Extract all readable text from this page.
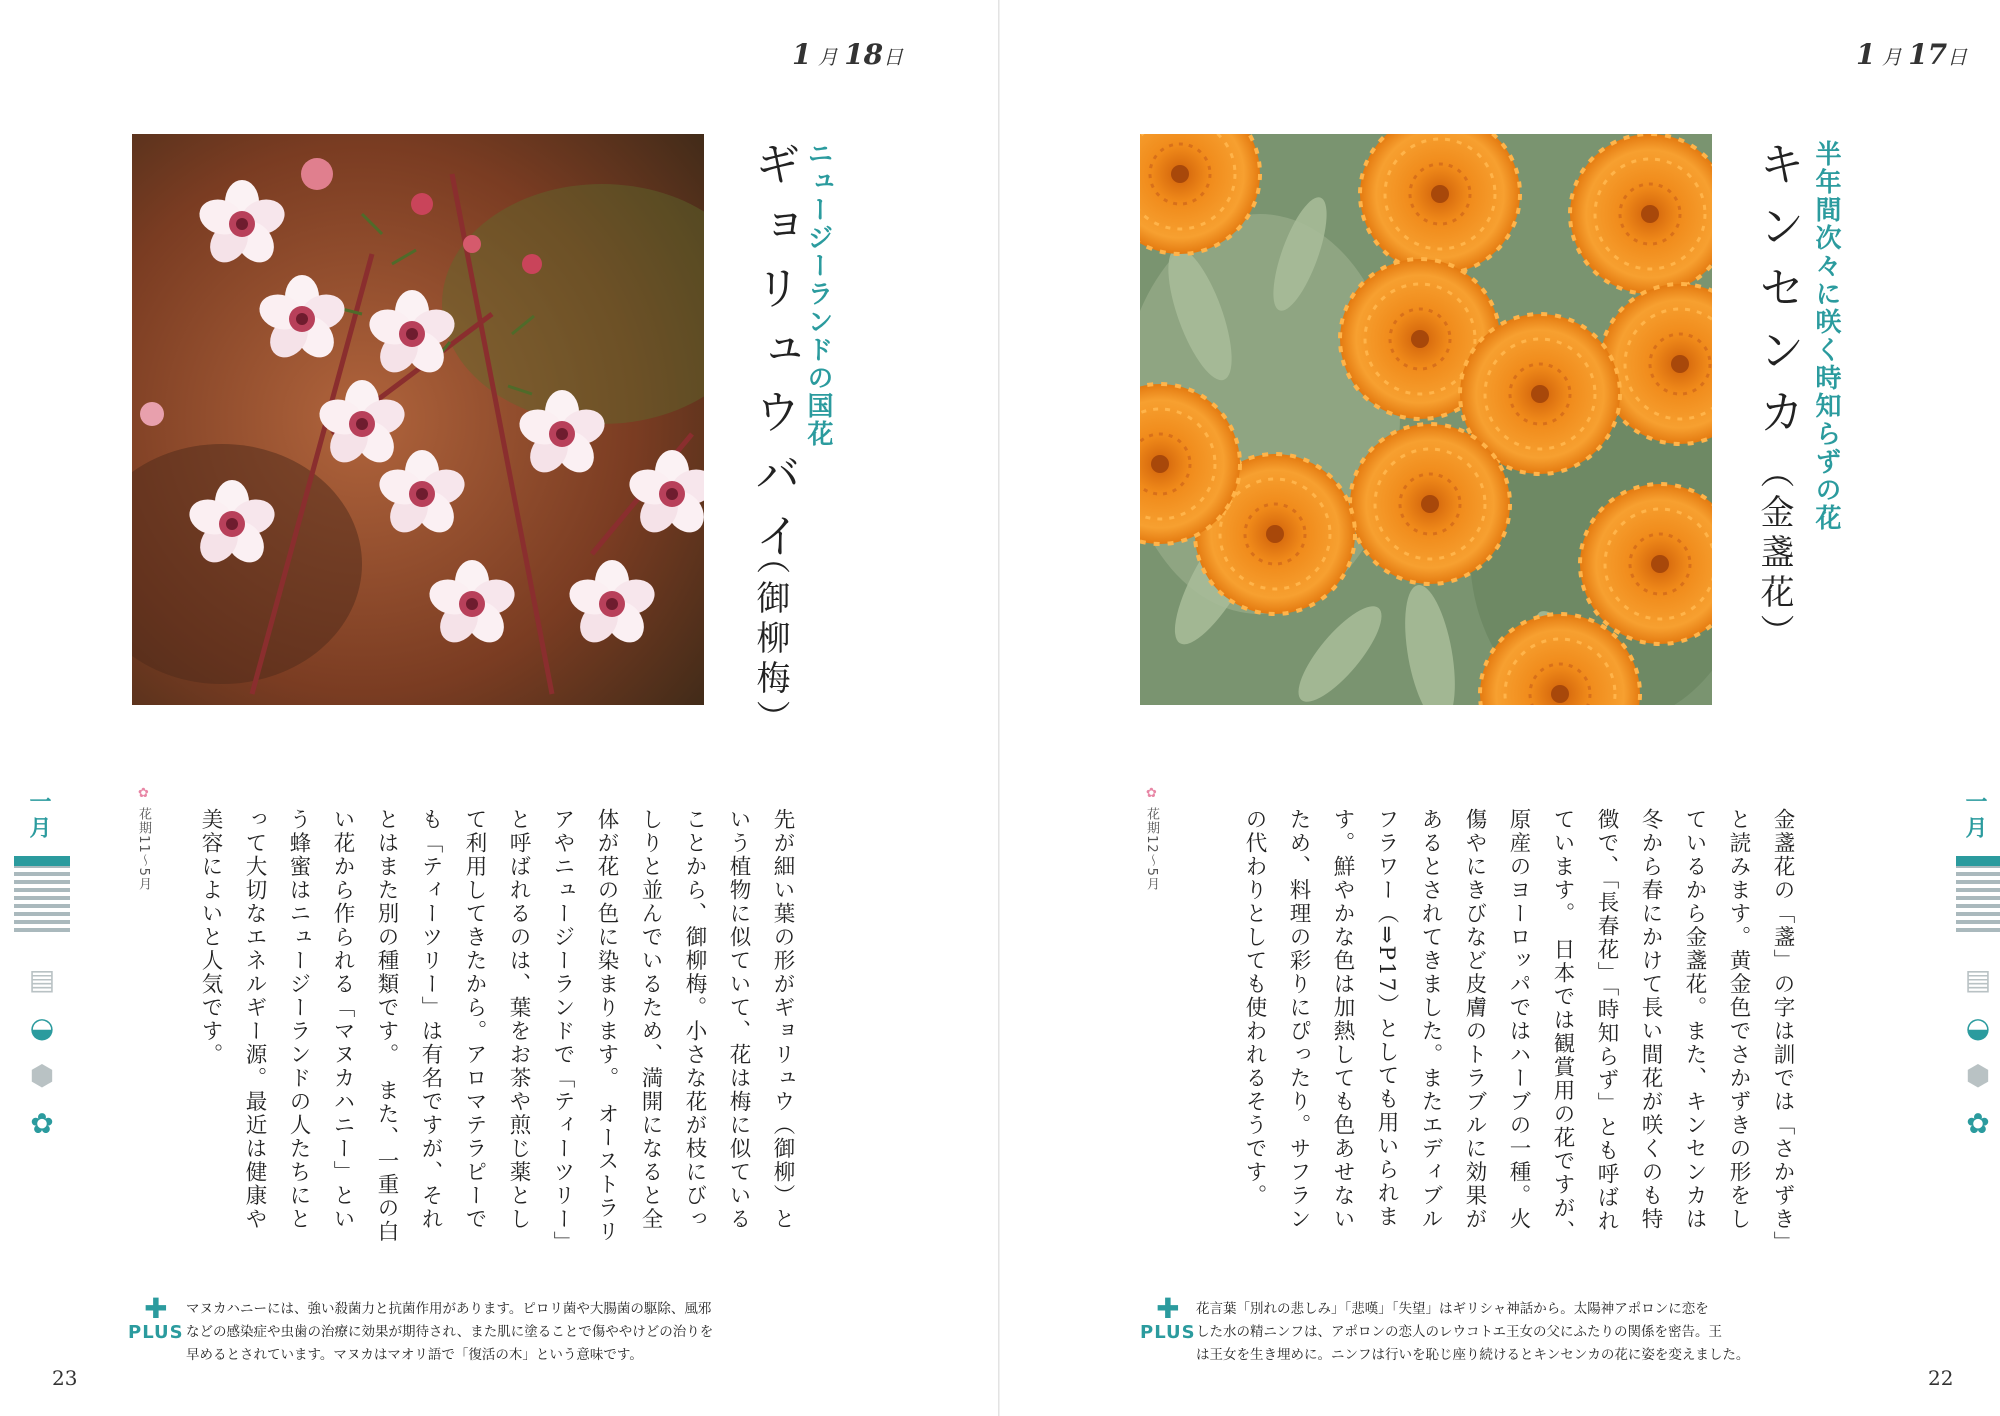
一月
▤
◒
⬢
✿
1 月 18日

ニュージーランドの国花

ギョリュウバイ

（御柳梅）

先が細い葉の形がギョリュウ（御柳）という植物に似ていて、花は梅に似ていることから、御柳梅。小さな花が枝にびっしりと並んでいるため、満開になると全体が花の色に染まります。　オーストラリアやニュージーランドで「ティーツリー」と呼ばれるのは、葉をお茶や煎じ薬として利用してきたから。アロマテラピーでも「ティーツリー」は有名ですが、それとはまた別の種類です。　また、一重の白い花から作られる「マヌカハニー」という蜂蜜はニュージーランドの人たちにとって大切なエネルギー源。最近は健康や美容によいと人気です。

✿ 花期11～5月
✚
PLUS
マヌカハニーには、強い殺菌力と抗菌作用があります。ピロリ菌や大腸菌の駆除、風邪
などの感染症や虫歯の治療に効果が期待され、また肌に塗ることで傷ややけどの治りを
早めるとされています。マヌカはマオリ語で「復活の木」という意味です。
23
1 月 17日

半年間次々に咲く時知らずの花

キンセンカ

（金盞花）

金盞花の「盞」の字は訓では「さかずき」と読みます。黄金色でさかずきの形をしているから金盞花。また、キンセンカは冬から春にかけて長い間花が咲くのも特徴で、「長春花」「時知らず」とも呼ばれています。　日本では観賞用の花ですが、原産のヨーロッパではハーブの一種。火傷やにきびなど皮膚のトラブルに効果があるとされてきました。またエディブルフラワー（⇒P17）としても用いられます。鮮やかな色は加熱しても色あせないため、料理の彩りにぴったり。サフランの代わりとしても使われるそうです。

✿ 花期12～5月
✚
PLUS
花言葉「別れの悲しみ」「悲嘆」「失望」はギリシャ神話から。太陽神アポロンに恋を
した水の精ニンフは、アポロンの恋人のレウコトエ王女の父にふたりの関係を密告。王
は王女を生き埋めに。ニンフは行いを恥じ座り続けるとキンセンカの花に姿を変えました。
22
一月
▤
◒
⬢
✿
